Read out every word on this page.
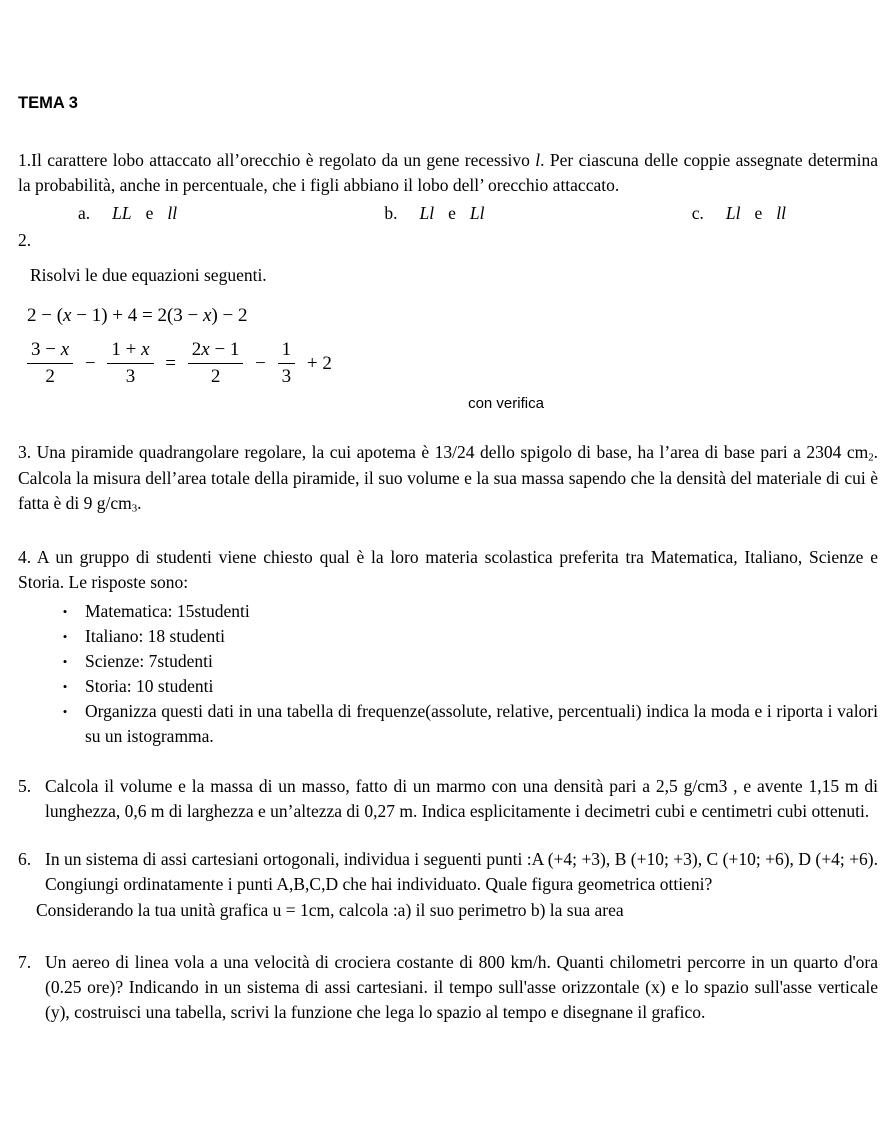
TEMA 3

1.Il carattere lobo attaccato all’orecchio è regolato da un gene recessivo l. Per ciascuna delle coppie assegnate determina la probabilità, anche in percentuale, che i figli abbiano il lobo dell’ orecchio attaccato.

a. LL e ll	b. Ll e Ll	c. Ll e ll

2.

Risolvi le due equazioni seguenti.

2 − (x − 1) + 4 = 2(3 − x) − 2
$\frac{3 - x}{2} - \frac{1 + x}{3} = \frac{2x - 1}{2} - \frac{1}{3} + 2$
con verifica

3. Una piramide quadrangolare regolare, la cui apotema è 13/24 dello spigolo di base, ha l’area di base pari a 2304 $cm_2$. Calcola la misura dell’area totale della piramide, il suo volume e la sua massa sapendo che la densità del materiale di cui è fatta è di 9 $g/cm_3$.

4. A un gruppo di studenti viene chiesto qual è la loro materia scolastica preferita tra Matematica, Italiano, Scienze e Storia. Le risposte sono:

•	Matematica: 15studenti
•	Italiano: 18 studenti
•	Scienze: 7studenti
•	Storia: 10 studenti
•	Organizza questi dati in una tabella di frequenze(assolute, relative, percentuali) indica la moda e i riporta i valori su un istogramma.
5. Calcola il volume e la massa di un masso, fatto di un marmo con una densità pari a 2,5 g/cm3 , e avente 1,15 m di lunghezza, 0,6 m di larghezza e un’altezza di 0,27 m. Indica esplicitamente i decimetri cubi e centimetri cubi ottenuti.
6. In un sistema di assi cartesiani ortogonali, individua i seguenti punti :A (+4; +3), B (+10; +3), C (+10; +6), D (+4; +6). Congiungi ordinatamente i punti A,B,C,D che hai individuato. Quale figura geometrica ottieni?

Considerando la tua unità grafica u = 1cm, calcola :a) il suo perimetro b) la sua area

7. Un aereo di linea vola a una velocità di crociera costante di 800 km/h. Quanti chilometri percorre in un quarto d'ora (0.25 ore)? Indicando in un sistema di assi cartesiani. il tempo sull'asse orizzontale (x) e lo spazio sull'asse verticale (y), costruisci una tabella, scrivi la funzione che lega lo spazio al tempo e disegnane il grafico.
